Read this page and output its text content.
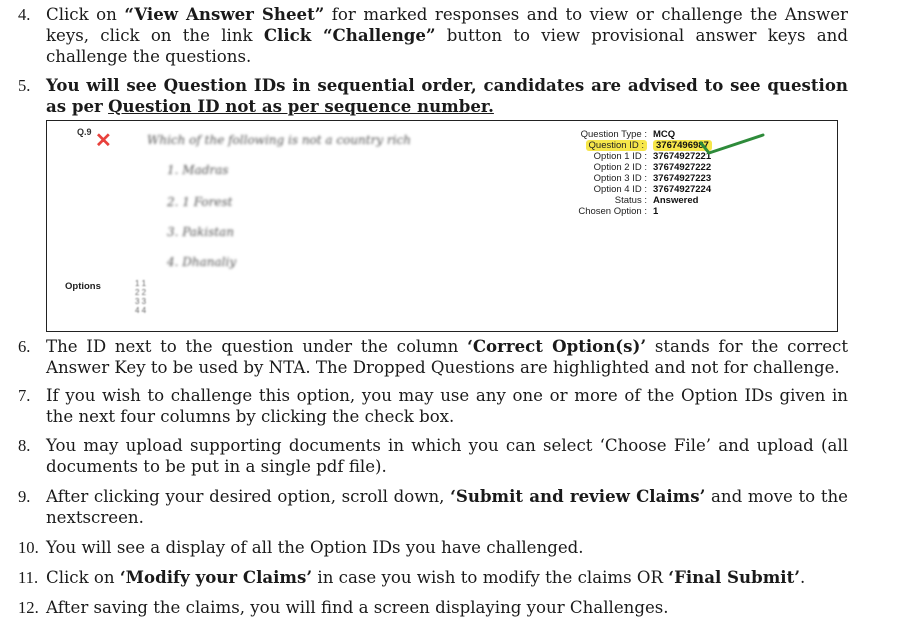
4. Click on “View Answer Sheet” for marked responses and to view or challenge the Answer keys, click on the link Click “Challenge” button to view provisional answer keys and challenge the questions.
5. You will see Question IDs in sequential order, candidates are advised to see question as per Question ID not as per sequence number.
Q.9 ✕	Which of the following is not a country rich
1. Madras
2. 1 Forest
3. Pakistan
4. Dhanaliy
Options	1 1
2 2
3 3
4 4
Question Type : MCQ
Question ID :	3767496987
Option 1 ID : 37674927221
Option 2 ID : 37674927222
Option 3 ID : 37674927223
Option 4 ID : 37674927224
Status : Answered
Chosen Option : 1
6. The ID next to the question under the column ‘Correct Option(s)’ stands for the correct Answer Key to be used by NTA. The Dropped Questions are highlighted and not for challenge.
7. If you wish to challenge this option, you may use any one or more of the Option IDs given in the next four columns by clicking the check box.
8. You may upload supporting documents in which you can select ‘Choose File’ and upload (all documents to be put in a single pdf file).
9. After clicking your desired option, scroll down, ‘Submit and review Claims’ and move to the nextscreen.
10. You will see a display of all the Option IDs you have challenged.
11. Click on ‘Modify your Claims’ in case you wish to modify the claims OR ‘Final Submit’.
12. After saving the claims, you will find a screen displaying your Challenges.
